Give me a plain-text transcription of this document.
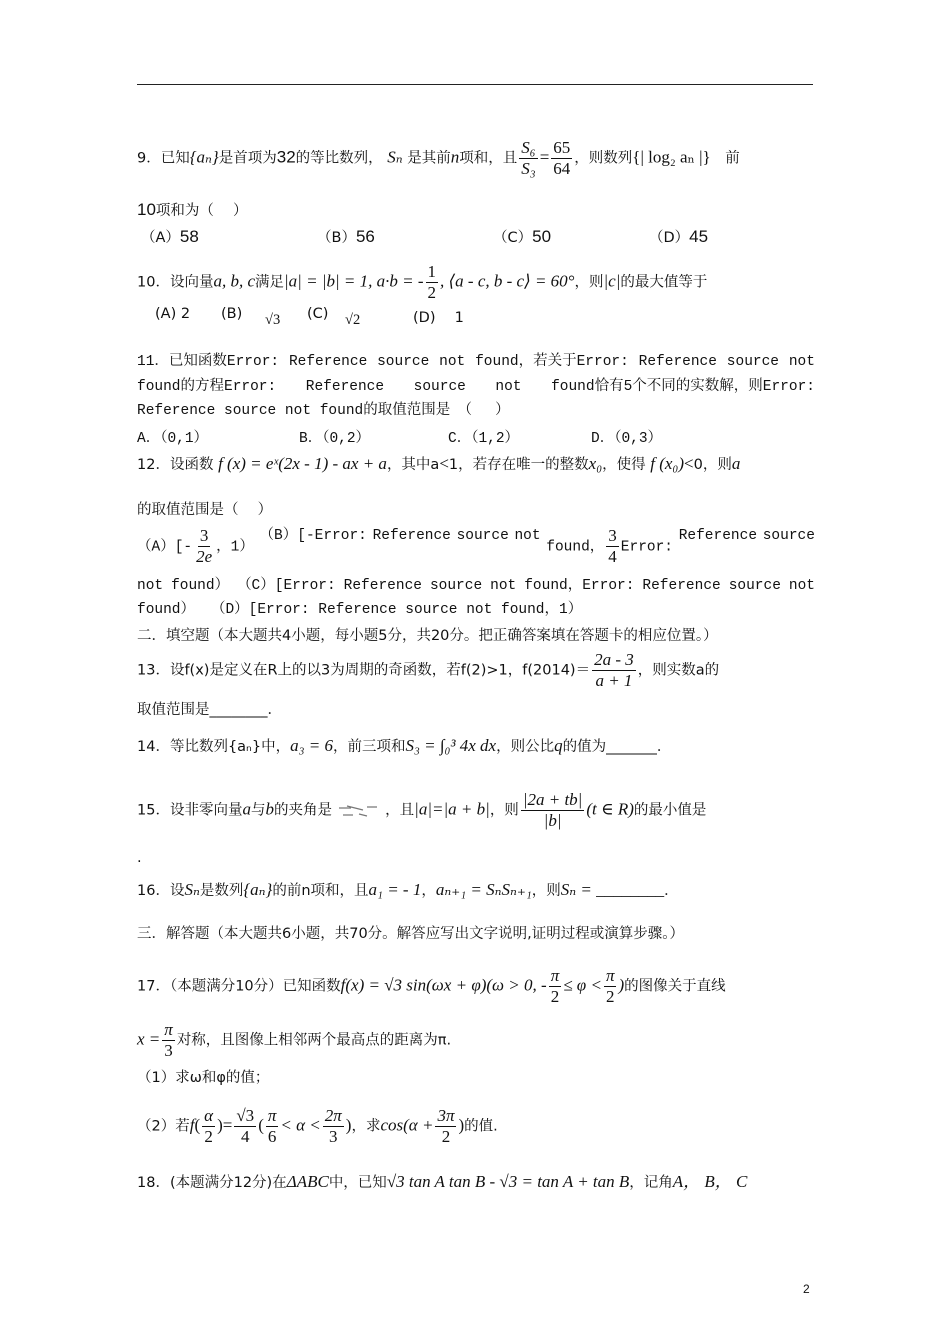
9．已知{aₙ}是首项为32的等比数列， Sₙ 是其前n项和，且 $\frac{\text{S₆}}{\text{S₃}} = \frac{65}{64}$ ，则数列{| log₂ aₙ |}　 前
10项和为（　 ）
（A）58	（B）56	（C）50	（D）45
10．设向量a, b, c满足|a| = |b| = 1, a·b = - $\frac{1}{2}$ , ⟨a - c, b - c⟩ = 60°，则|c|的最大值等于
(A) 2 (B) √3 (C) √2	(D)　 1
11．已知函数Error: Reference source not found，若关于Error: Reference source not
found的方程Error: Reference source not found恰有5个不同的实数解，则Error:
Reference source not found的取值范围是　（　 ）
A．（0,1）	B．（0,2）	C．（1,2）	D．（0,3）
12．设函数 f (x) = eˣ(2x - 1) - ax + a，其中a<1，若存在唯一的整数x₀，使得 f (x₀)<0，则a
的取值范围是（　 ）
$(A)[- \frac{3}{2e}$ ，1）
（B）[-Error: Reference source not
found， $\frac{3}{4}$ Error:
Reference source
not found） （C）[Error: Reference source not found，Error: Reference source not
found）　 （D）[Error: Reference source not found，1）
二．填空题（本大题共4小题，每小题5分，共20分。把正确答案填在答题卡的相应位置。）
13．设f(x)是定义在R上的以3为周期的奇函数，若f(2)>1，$f(2014)= \frac{2a - 3}{a + 1}$ ，则实数a的
取值范围是________．
14．等比数列{aₙ}中，a₃ = 6，前三项和S₃ = ∫₀³ 4x dx，则公比q的值为_______．
15．设非零向量a与b的夹角是	，且|a|=|a + b|，则 $\frac{|2a + tb|}{|b|} (t$ ∈ R)的最小值是
.
16．设Sₙ是数列{aₙ}的前n项和，且a₁ = - 1，aₙ₊₁ = SₙSₙ₊₁，则Sₙ = ________．
三．解答题（本大题共6小题，共70分。解答应写出文字说明,证明过程或演算步骤。）
17．（本题满分10分）已知函数f(x) = √3 sin(ωx + φ)(ω > 0, - $\frac{\pi}{2} \le \varphi < \frac{\pi}{2}$ )的图像关于直线
$x = \frac{\pi}{3}$ 对称，且图像上相邻两个最高点的距离为π.
（1）求ω和φ的值；
（2）若$f( \frac{\alpha}{2}$ )= $\frac{√3}{4}$ ( $\frac{\pi}{6} < \alpha < \frac{2\pi}{3}$ )，求$\cos(\alpha + \frac{3\pi}{2}$ )的值.
18．(本题满分12分)在ΔABC中，已知√3 tan A tan B - √3 = tan A + tan B，记角A， B， C
2
